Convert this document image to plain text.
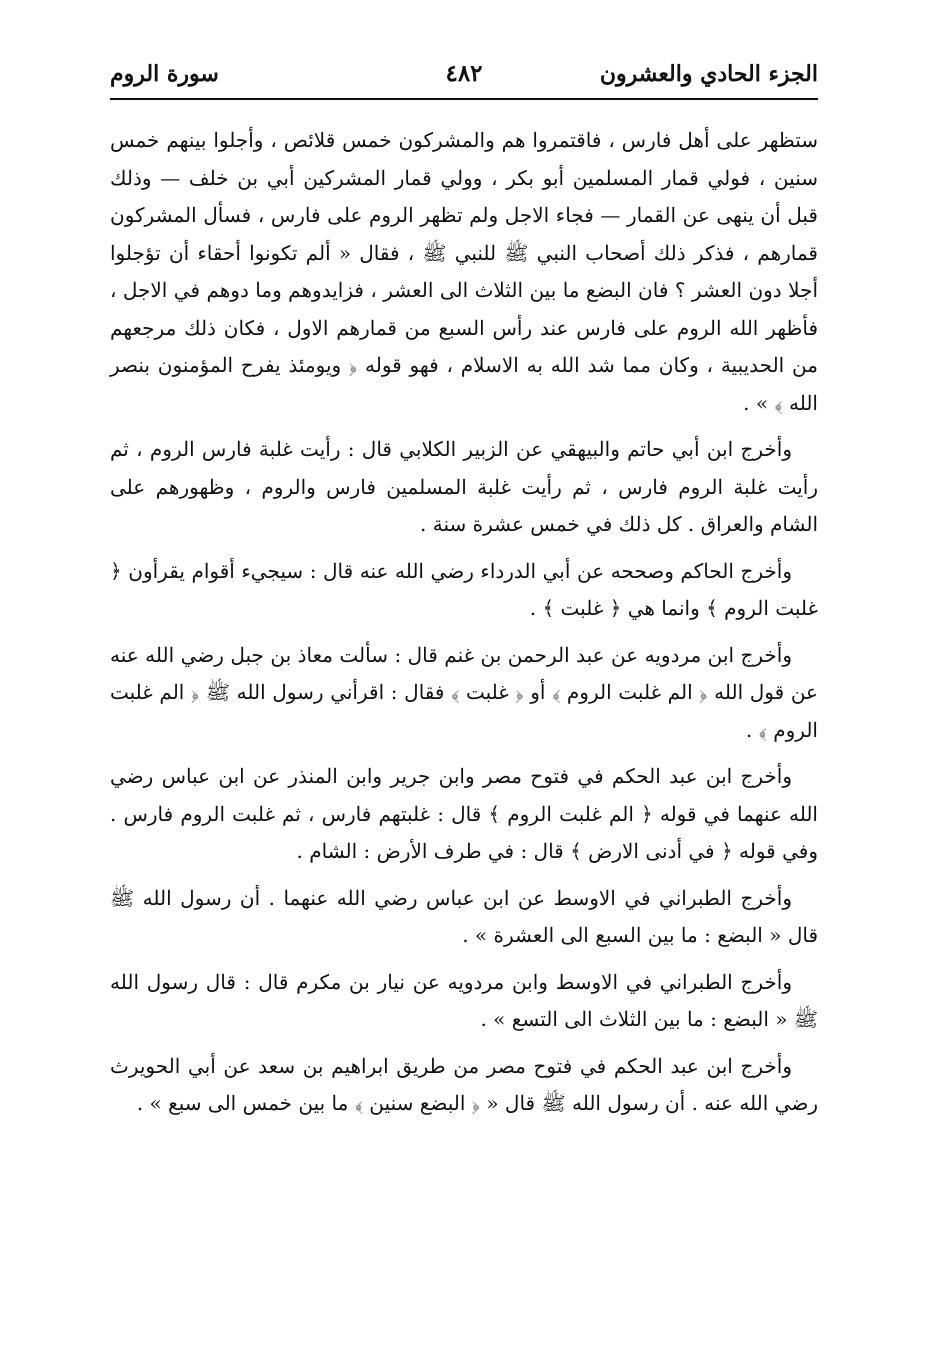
الجزء الحادي والعشرون
٤٨٢
سورة الروم

ستظهر على أهل فارس ، فاقتمروا هم والمشركون خمس قلائص ، وأجلوا بينهم خمس سنين ، فولي قمار المسلمين أبو بكر ، وولي قمار المشركين أبي بن خلف — وذلك قبل أن ينهى عن القمار — فجاء الاجل ولم تظهر الروم على فارس ، فسأل المشركون قمارهم ، فذكر ذلك أصحاب النبي ﷺ للنبي ﷺ ، فقال « ألم تكونوا أحقاء أن تؤجلوا أجلا دون العشر ؟ فان البضع ما بين الثلاث الى العشر ، فزايدوهم وما دوهم في الاجل ، فأظهر الله الروم على فارس عند رأس السبع من قمارهم الاول ، فكان ذلك مرجعهم من الحديبية ، وكان مما شد الله به الاسلام ، فهو قوله ﴿ ويومئذ يفرح المؤمنون بنصر الله ﴾ » .

وأخرج ابن أبي حاتم والبيهقي عن الزبير الكلابي قال : رأيت غلبة فارس الروم ، ثم رأيت غلبة الروم فارس ، ثم رأيت غلبة المسلمين فارس والروم ، وظهورهم على الشام والعراق . كل ذلك في خمس عشرة سنة .

وأخرج الحاكم وصححه عن أبي الدرداء رضي الله عنه قال : سيجيء أقوام يقرأون ﴿ غلبت الروم ﴾ وانما هي ﴿ غلبت ﴾ .

وأخرج ابن مردويه عن عبد الرحمن بن غنم قال : سألت معاذ بن جبل رضي الله عنه عن قول الله ﴿ الم غلبت الروم ﴾ أو ﴿ غلبت ﴾ فقال : اقرأني رسول الله ﷺ ﴿ الم غلبت الروم ﴾ .

وأخرج ابن عبد الحكم في فتوح مصر وابن جرير وابن المنذر عن ابن عباس رضي الله عنهما في قوله ﴿ الم غلبت الروم ﴾ قال : غلبتهم فارس ، ثم غلبت الروم فارس . وفي قوله ﴿ في أدنى الارض ﴾ قال : في طرف الأرض : الشام .

وأخرج الطبراني في الاوسط عن ابن عباس رضي الله عنهما . أن رسول الله ﷺ قال « البضع : ما بين السبع الى العشرة » .

وأخرج الطبراني في الاوسط وابن مردويه عن نيار بن مكرم قال : قال رسول الله ﷺ « البضع : ما بين الثلاث الى التسع » .

وأخرج ابن عبد الحكم في فتوح مصر من طريق ابراهيم بن سعد عن أبي الحويرث رضي الله عنه . أن رسول الله ﷺ قال « ﴿ البضع سنين ﴾ ما بين خمس الى سبع » .
